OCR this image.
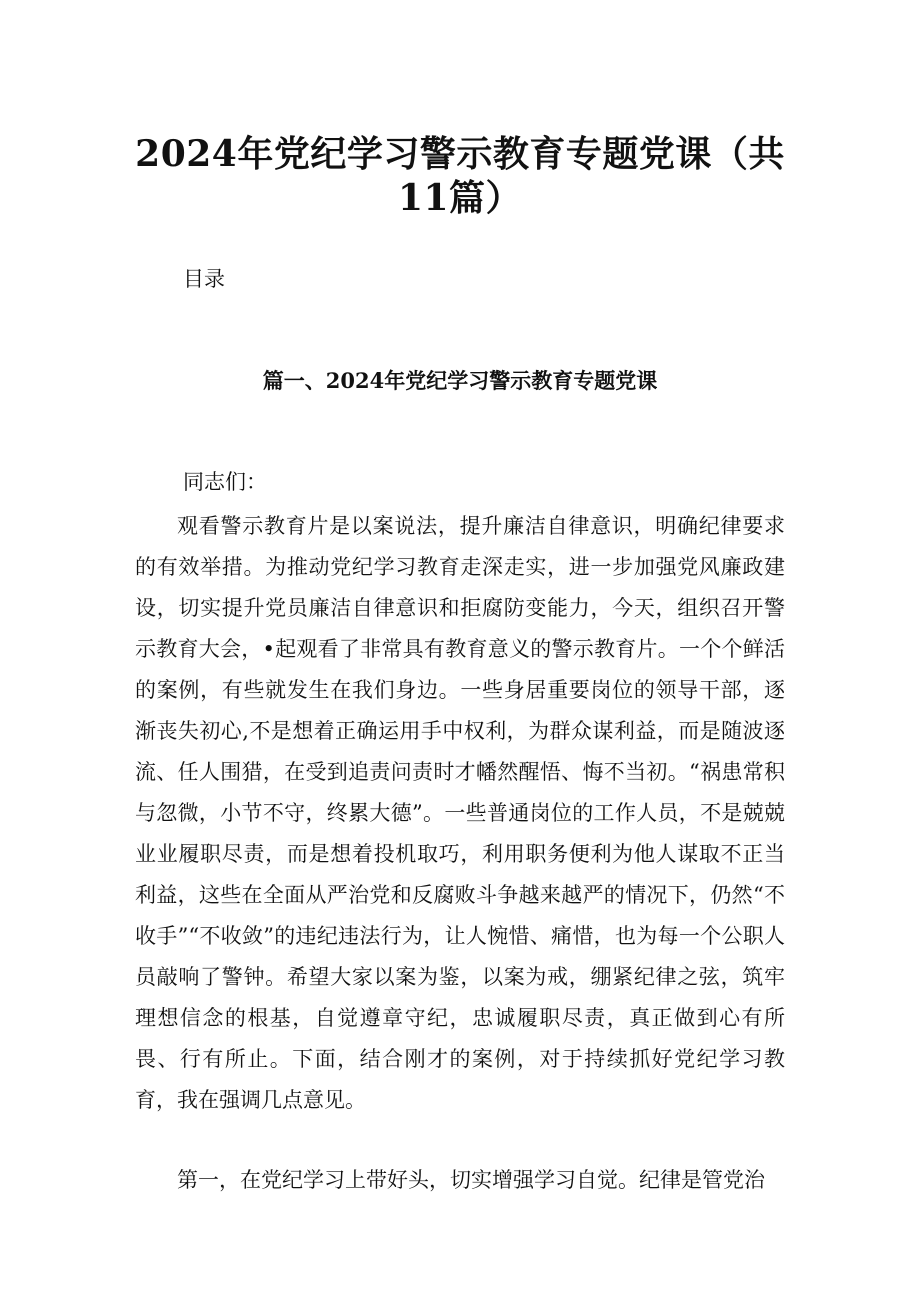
2024年党纪学习警示教育专题党课（共11篇）
目录
篇一、2024年党纪学习警示教育专题党课
同志们：

观看警示教育片是以案说法，提升廉洁自律意识，明确纪律要求的有效举措。为推动党纪学习教育走深走实，进一步加强党风廉政建设，切实提升党员廉洁自律意识和拒腐防变能力，今天，组织召开警示教育大会，•起观看了非常具有教育意义的警示教育片。一个个鲜活的案例，有些就发生在我们身边。一些身居重要岗位的领导干部，逐渐丧失初心,不是想着正确运用手中权利，为群众谋利益，而是随波逐流、任人围猎，在受到追责问责时才幡然醒悟、悔不当初。“祸患常积与忽微，小节不守，终累大德”。一些普通岗位的工作人员，不是兢兢业业履职尽责，而是想着投机取巧，利用职务便利为他人谋取不正当利益，这些在全面从严治党和反腐败斗争越来越严的情况下，仍然“不收手”“不收敛”的违纪违法行为，让人惋惜、痛惜，也为每一个公职人员敲响了警钟。希望大家以案为鉴，以案为戒，绷紧纪律之弦，筑牢理想信念的根基，自觉遵章守纪，忠诚履职尽责，真正做到心有所畏、行有所止。下面，结合刚才的案例，对于持续抓好党纪学习教育，我在强调几点意见。

第一，在党纪学习上带好头，切实增强学习自觉。纪律是管党治
